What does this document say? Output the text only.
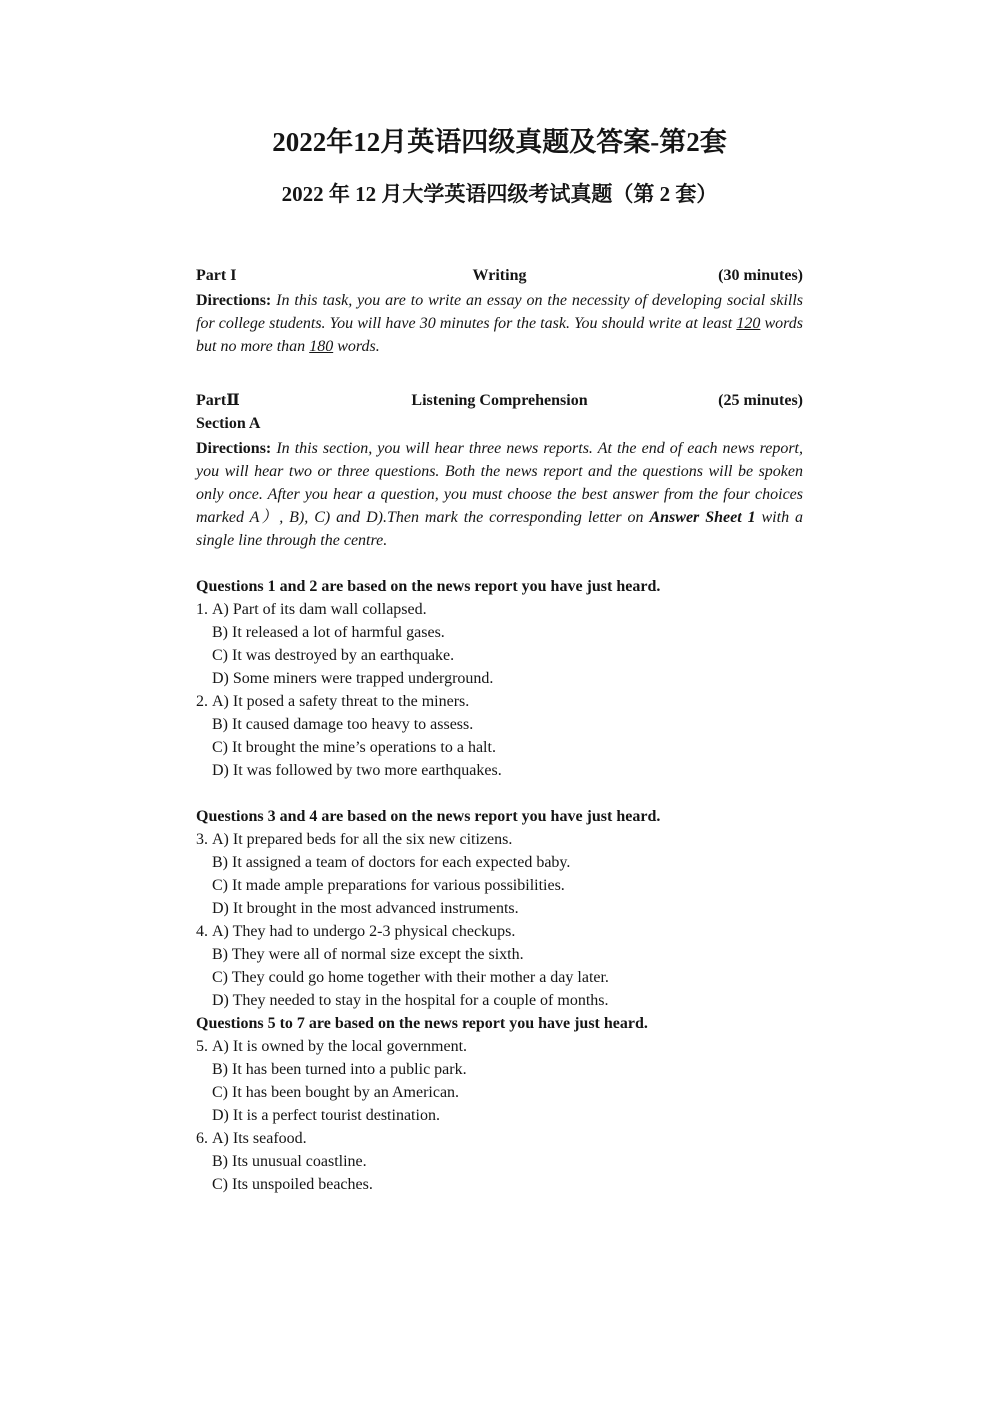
2022年12月英语四级真题及答案-第2套
2022 年 12 月大学英语四级考试真题（第 2 套）
Part I	Writing	(30 minutes)

Directions: In this task, you are to write an essay on the necessity of developing social skills for college students. You will have 30 minutes for the task. You should write at least 120 words but no more than 180 words.

PartⅡ	Listening Comprehension	(25 minutes)
Section A

Directions: In this section, you will hear three news reports. At the end of each news report, you will hear two or three questions. Both the news report and the questions will be spoken only once. After you hear a question, you must choose the best answer from the four choices marked A）, B), C) and D).Then mark the corresponding letter on Answer Sheet 1 with a single line through the centre.

Questions 1 and 2 are based on the news report you have just heard.
1. A) Part of its dam wall collapsed.
B) It released a lot of harmful gases.
C) It was destroyed by an earthquake.
D) Some miners were trapped underground.
2. A) It posed a safety threat to the miners.
B) It caused damage too heavy to assess.
C) It brought the mine’s operations to a halt.
D) It was followed by two more earthquakes.
Questions 3 and 4 are based on the news report you have just heard.
3. A) It prepared beds for all the six new citizens.
B) It assigned a team of doctors for each expected baby.
C) It made ample preparations for various possibilities.
D) It brought in the most advanced instruments.
4. A) They had to undergo 2-3 physical checkups.
B) They were all of normal size except the sixth.
C) They could go home together with their mother a day later.
D) They needed to stay in the hospital for a couple of months.
Questions 5 to 7 are based on the news report you have just heard.
5. A) It is owned by the local government.
B) It has been turned into a public park.
C) It has been bought by an American.
D) It is a perfect tourist destination.
6. A) Its seafood.
B) Its unusual coastline.
C) Its unspoiled beaches.
